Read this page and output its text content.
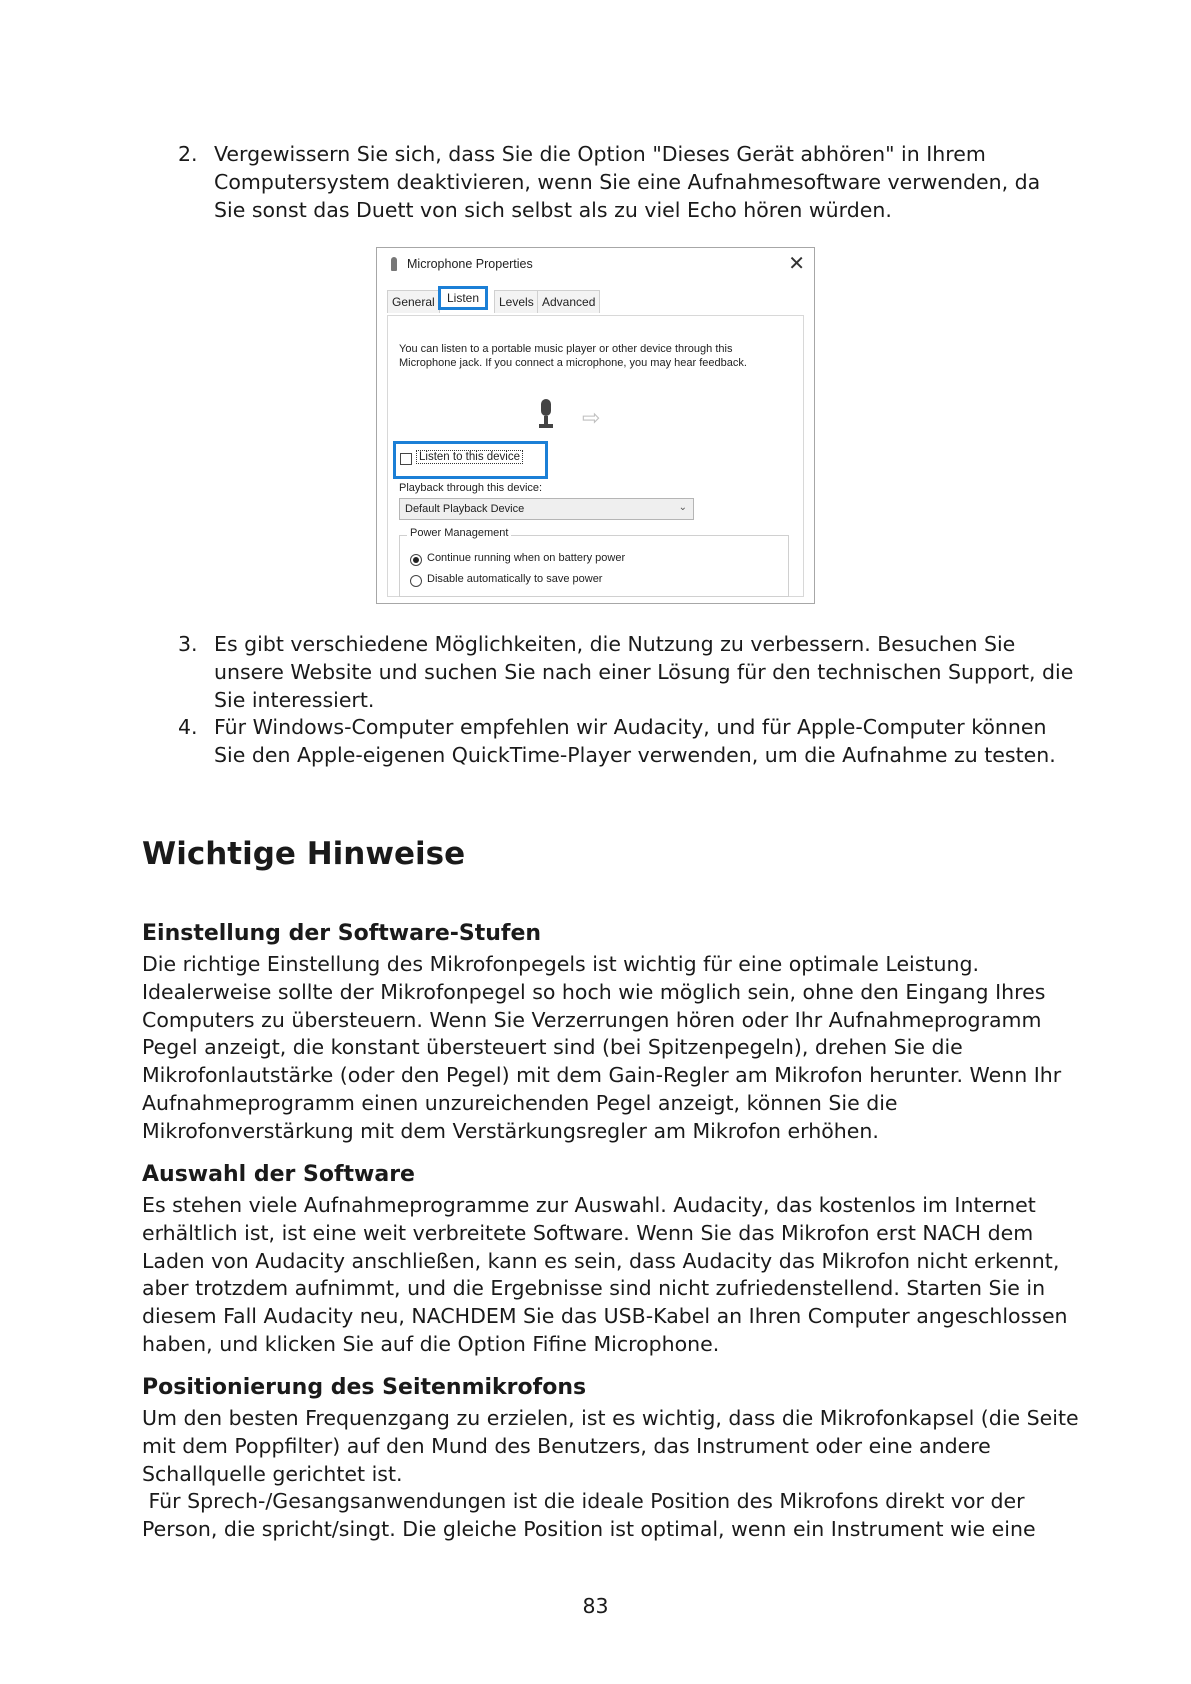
2. Vergewissern Sie sich, dass Sie die Option "Dieses Gerät abhören" in Ihrem
Computersystem deaktivieren, wenn Sie eine Aufnahmesoftware verwenden, da
Sie sonst das Duett von sich selbst als zu viel Echo hören würden.
Microphone Properties	✕
General	Listen	Levels Advanced
You can listen to a portable music player or other device through this Microphone jack. If you connect a microphone, you may hear feedback.
⇨
Listen to this device
Playback through this device:
Default Playback Device	⌄
Power Management
Continue running when on battery power
Disable automatically to save power
3. Es gibt verschiedene Möglichkeiten, die Nutzung zu verbessern. Besuchen Sie
unsere Website und suchen Sie nach einer Lösung für den technischen Support, die
Sie interessiert.
4. Für Windows-Computer empfehlen wir Audacity, und für Apple-Computer können
Sie den Apple-eigenen QuickTime-Player verwenden, um die Aufnahme zu testen.
Wichtige Hinweise
Einstellung der Software-Stufen
Die richtige Einstellung des Mikrofonpegels ist wichtig für eine optimale Leistung.
Idealerweise sollte der Mikrofonpegel so hoch wie möglich sein, ohne den Eingang Ihres
Computers zu übersteuern. Wenn Sie Verzerrungen hören oder Ihr Aufnahmeprogramm
Pegel anzeigt, die konstant übersteuert sind (bei Spitzenpegeln), drehen Sie die
Mikrofonlautstärke (oder den Pegel) mit dem Gain-Regler am Mikrofon herunter. Wenn Ihr
Aufnahmeprogramm einen unzureichenden Pegel anzeigt, können Sie die
Mikrofonverstärkung mit dem Verstärkungsregler am Mikrofon erhöhen.
Auswahl der Software
Es stehen viele Aufnahmeprogramme zur Auswahl. Audacity, das kostenlos im Internet
erhältlich ist, ist eine weit verbreitete Software. Wenn Sie das Mikrofon erst NACH dem
Laden von Audacity anschließen, kann es sein, dass Audacity das Mikrofon nicht erkennt,
aber trotzdem aufnimmt, und die Ergebnisse sind nicht zufriedenstellend. Starten Sie in
diesem Fall Audacity neu, NACHDEM Sie das USB-Kabel an Ihren Computer angeschlossen
haben, und klicken Sie auf die Option Fifine Microphone.
Positionierung des Seitenmikrofons
Um den besten Frequenzgang zu erzielen, ist es wichtig, dass die Mikrofonkapsel (die Seite
mit dem Poppfilter) auf den Mund des Benutzers, das Instrument oder eine andere
Schallquelle gerichtet ist.
Für Sprech-/Gesangsanwendungen ist die ideale Position des Mikrofons direkt vor der
Person, die spricht/singt. Die gleiche Position ist optimal, wenn ein Instrument wie eine
83
